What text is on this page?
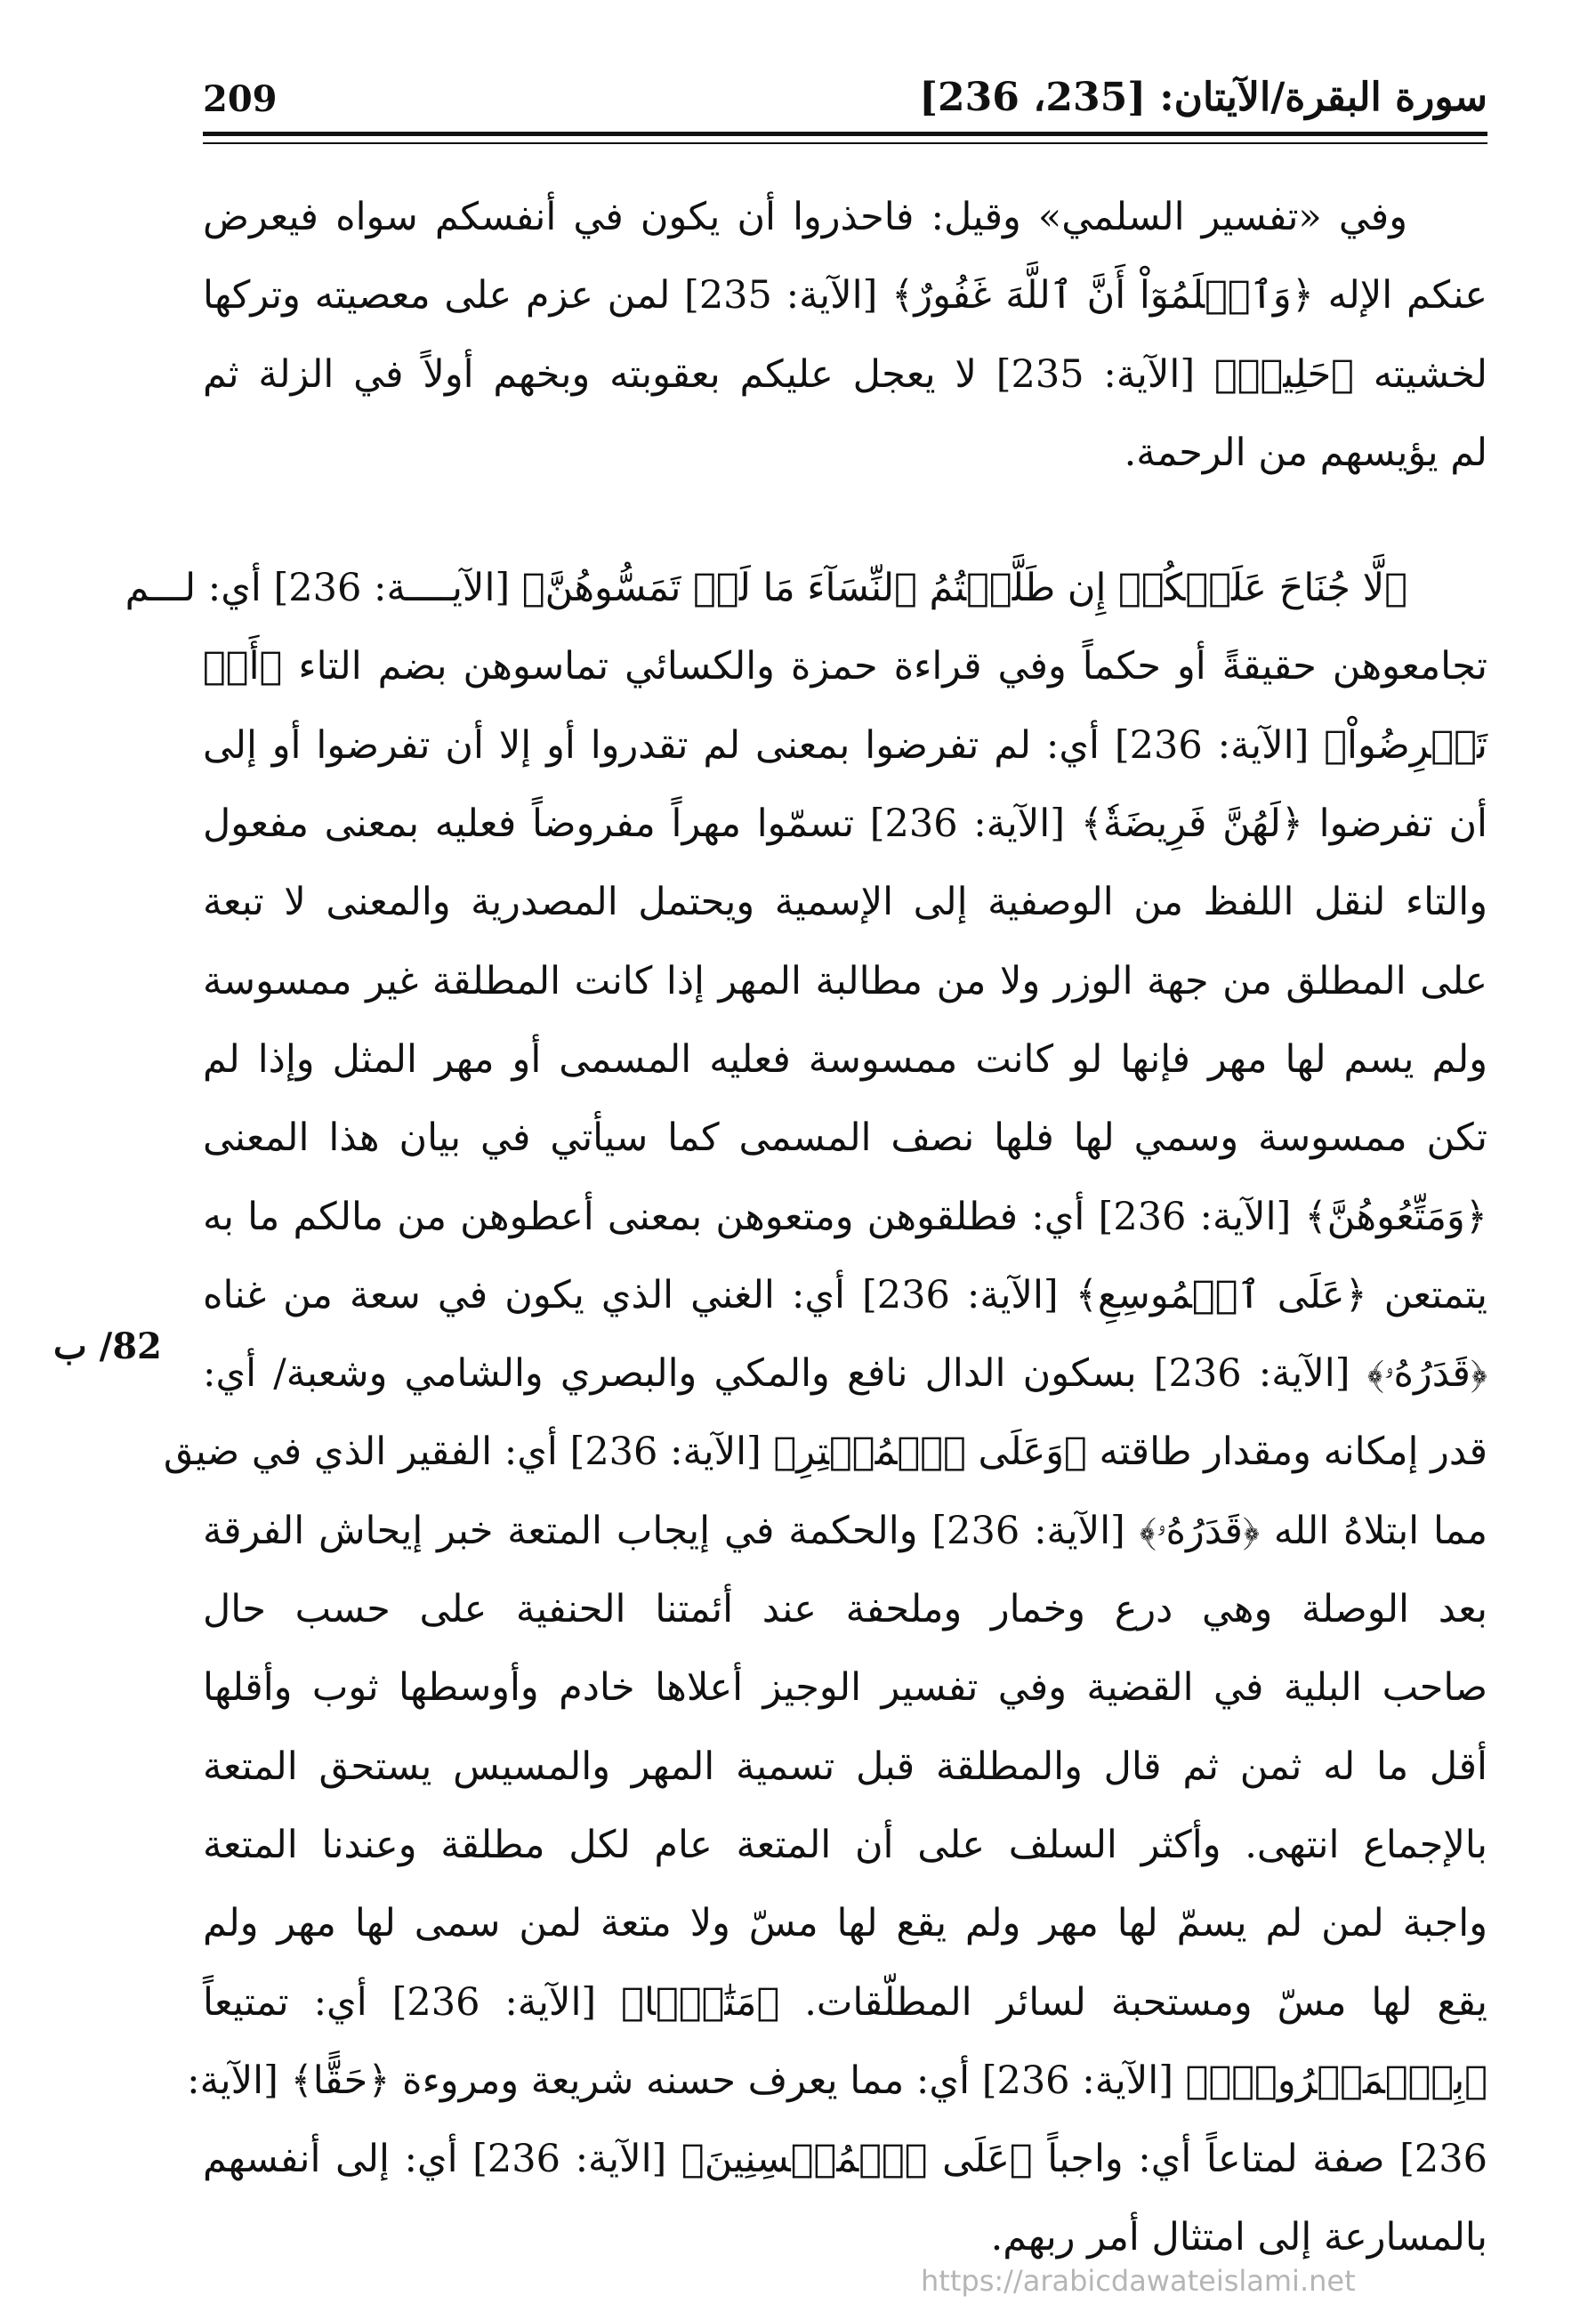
209	سورة البقرة/الآيتان: [235، 236]
82/ ب
وفي «تفسير السلمي» وقيل: فاحذروا أن يكون في أنفسكم سواه فيعرض
عنكم الإله ﴿وَٱعۡلَمُوٓاْ أَنَّ ٱللَّهَ غَفُورٌ﴾ [الآية: 235] لمن عزم على معصيته وتركها
لخشيته ﴿حَلِيمٞ﴾ [الآية: 235] لا يعجل عليكم بعقوبته وبخهم أولاً في الزلة ثم
لم يؤيسهم من الرحمة.
﴿لَّا جُنَاحَ عَلَيۡكُمۡ إِن طَلَّقۡتُمُ ٱلنِّسَآءَ مَا لَمۡ تَمَسُّوهُنَّ﴾ [الآيــــة: 236] أي: لـــم
تجامعوهن حقيقةً أو حكماً وفي قراءة حمزة والكسائي تماسوهن بضم التاء ﴿أَوۡ
تَفۡرِضُواْ﴾ [الآية: 236] أي: لم تفرضوا بمعنى لم تقدروا أو إلا أن تفرضوا أو إلى
أن تفرضوا ﴿لَهُنَّ فَرِيضَةٗ﴾ [الآية: 236] تسمّوا مهراً مفروضاً فعليه بمعنى مفعول
والتاء لنقل اللفظ من الوصفية إلى الإسمية ويحتمل المصدرية والمعنى لا تبعة
على المطلق من جهة الوزر ولا من مطالبة المهر إذا كانت المطلقة غير ممسوسة
ولم يسم لها مهر فإنها لو كانت ممسوسة فعليه المسمى أو مهر المثل وإذا لم
تكن ممسوسة وسمي لها فلها نصف المسمى كما سيأتي في بيان هذا المعنى
﴿وَمَتِّعُوهُنَّ﴾ [الآية: 236] أي: فطلقوهن ومتعوهن بمعنى أعطوهن من مالكم ما به
يتمتعن ﴿عَلَى ٱلۡمُوسِعِ﴾ [الآية: 236] أي: الغني الذي يكون في سعة من غناه
﴿قَدَرُهُۥ﴾ [الآية: 236] بسكون الدال نافع والمكي والبصري والشامي وشعبة/ أي:
قدر إمكانه ومقدار طاقته ﴿وَعَلَى ٱلۡمُقۡتِرِ﴾ [الآية: 236] أي: الفقير الذي في ضيق
مما ابتلاهُ الله ﴿قَدَرُهُۥ﴾ [الآية: 236] والحكمة في إيجاب المتعة خبر إيحاش الفرقة
بعد الوصلة وهي درع وخمار وملحفة عند أئمتنا الحنفية على حسب حال
صاحب البلية في القضية وفي تفسير الوجيز أعلاها خادم وأوسطها ثوب وأقلها
أقل ما له ثمن ثم قال والمطلقة قبل تسمية المهر والمسيس يستحق المتعة
بالإجماع انتهى. وأكثر السلف على أن المتعة عام لكل مطلقة وعندنا المتعة
واجبة لمن لم يسمّ لها مهر ولم يقع لها مسّ ولا متعة لمن سمى لها مهر ولم
يقع لها مسّ ومستحبة لسائر المطلّقات. ﴿مَتَٰعَۢا﴾ [الآية: 236] أي: تمتيعاً
﴿بِٱلۡمَعۡرُوفِۖ﴾ [الآية: 236] أي: مما يعرف حسنه شريعة ومروءة ﴿حَقًّا﴾ [الآية:
236] صفة لمتاعاً أي: واجباً ﴿عَلَى ٱلۡمُحۡسِنِينَ﴾ [الآية: 236] أي: إلى أنفسهم
بالمسارعة إلى امتثال أمر ربهم.
https://arabicdawateislami.net
